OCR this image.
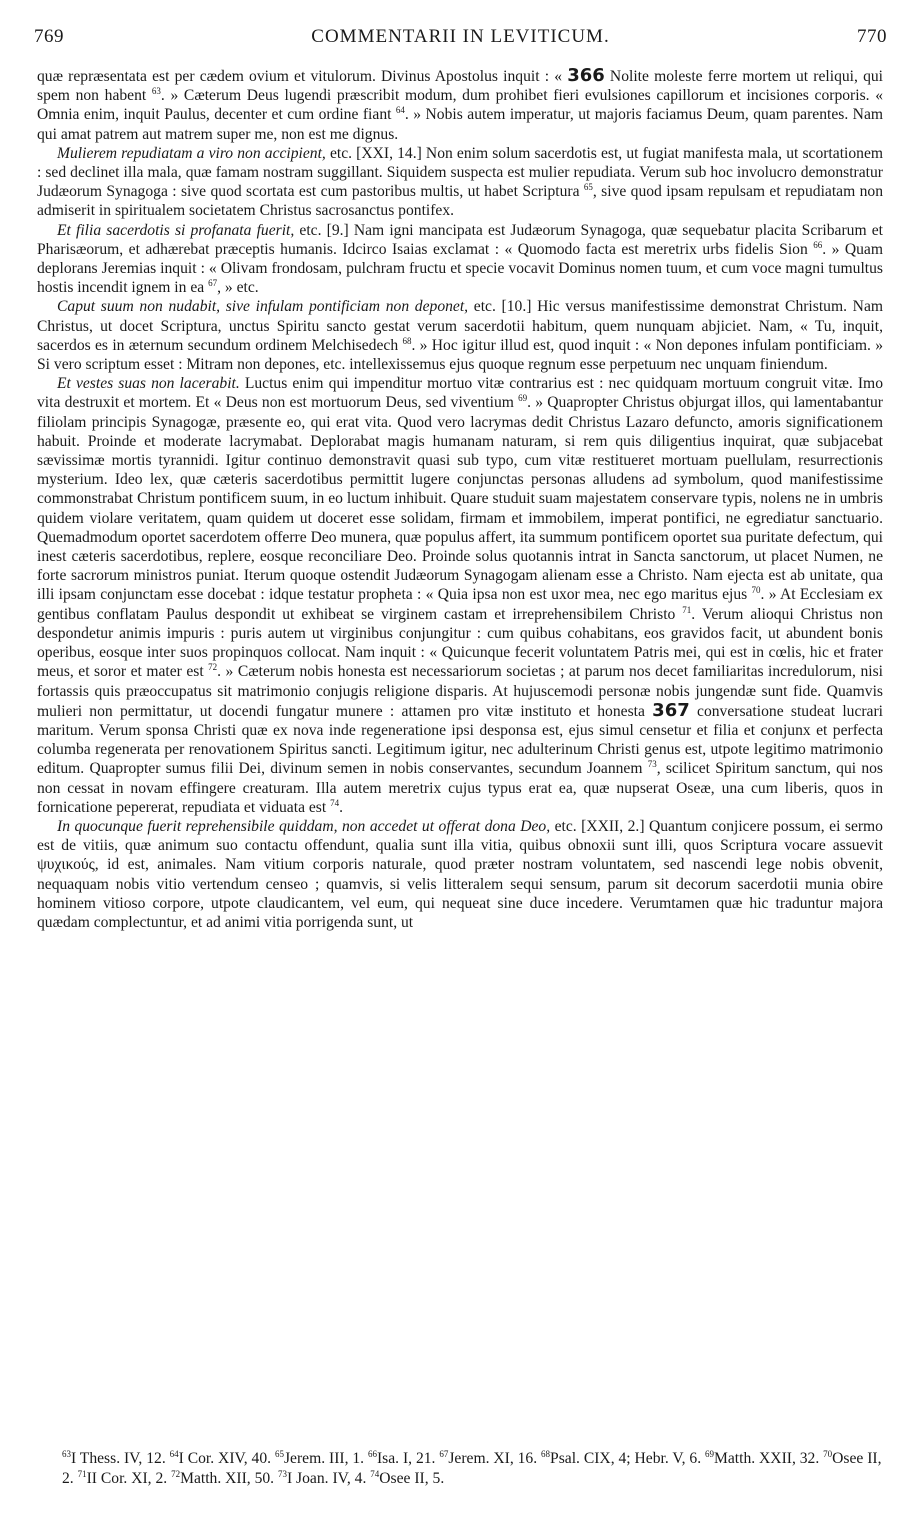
769	COMMENTARII IN LEVITICUM.	770

quæ repræsentata est per cædem ovium et vitulorum. Divinus Apostolus inquit : « 366 Nolite moleste ferre mortem ut reliqui, qui spem non habent $^{63}$. » Cæterum Deus lugendi præscribit modum, dum prohibet fieri evulsiones capillorum et incisiones corporis. « Omnia enim, inquit Paulus, decenter et cum ordine fiant $^{64}$. » Nobis autem imperatur, ut majoris faciamus Deum, quam parentes. Nam qui amat patrem aut matrem super me, non est me dignus.

Mulierem repudiatam a viro non accipient, etc. [XXI, 14.] Non enim solum sacerdotis est, ut fugiat manifesta mala, ut scortationem : sed declinet illa mala, quæ famam nostram suggillant. Siquidem suspecta est mulier repudiata. Verum sub hoc involucro demonstratur Judæorum Synagoga : sive quod scortata est cum pastoribus multis, ut habet Scriptura $^{65}$, sive quod ipsam repulsam et repudiatam non admiserit in spiritualem societatem Christus sacrosanctus pontifex.

Et filia sacerdotis si profanata fuerit, etc. [9.] Nam igni mancipata est Judæorum Synagoga, quæ sequebatur placita Scribarum et Pharisæorum, et adhærebat præceptis humanis. Idcirco Isaias exclamat : « Quomodo facta est meretrix urbs fidelis Sion $^{66}$. » Quam deplorans Jeremias inquit : « Olivam frondosam, pulchram fructu et specie vocavit Dominus nomen tuum, et cum voce magni tumultus hostis incendit ignem in ea $^{67}$, » etc.

Caput suum non nudabit, sive infulam pontificiam non deponet, etc. [10.] Hic versus manifestissime demonstrat Christum. Nam Christus, ut docet Scriptura, unctus Spiritu sancto gestat verum sacerdotii habitum, quem nunquam abjiciet. Nam, « Tu, inquit, sacerdos es in æternum secundum ordinem Melchisedech $^{68}$. » Hoc igitur illud est, quod inquit : « Non depones infulam pontificiam. » Si vero scriptum esset : Mitram non depones, etc. intellexissemus ejus quoque regnum esse perpetuum nec unquam finiendum.

Et vestes suas non lacerabit. Luctus enim qui impenditur mortuo vitæ contrarius est : nec quidquam mortuum congruit vitæ. Imo vita destruxit et mortem. Et « Deus non est mortuorum Deus, sed viventium $^{69}$. » Quapropter Christus objurgat illos, qui lamentabantur filiolam principis Synagogæ, præsente eo, qui erat vita. Quod vero lacrymas dedit Christus Lazaro defuncto, amoris significationem habuit. Proinde et moderate lacrymabat. Deplorabat magis humanam naturam, si rem quis diligentius inquirat, quæ subjacebat sævissimæ mortis tyrannidi. Igitur continuo demonstravit quasi sub typo, cum vitæ restitueret mortuam puellulam, resurrectionis mysterium. Ideo lex, quæ cæteris sacerdotibus permittit lugere conjunctas personas alludens ad symbolum, quod manifestissime commonstrabat Christum pontificem suum, in eo luctum inhibuit. Quare studuit suam majestatem conservare typis, nolens ne in umbris quidem violare veritatem, quam quidem ut doceret esse solidam, firmam et immobilem, imperat pontifici, ne egrediatur sanctuario. Quemadmodum oportet sacerdotem offerre Deo munera, quæ populus affert, ita summum pontificem oportet sua puritate defectum, qui inest cæteris sacerdotibus, replere, eosque reconciliare Deo. Proinde solus quotannis intrat in Sancta sanctorum, ut placet Numen, ne forte sacrorum ministros puniat. Iterum quoque ostendit Judæorum Synagogam alienam esse a Christo. Nam ejecta est ab unitate, qua illi ipsam conjunctam esse docebat : idque testatur propheta : « Quia ipsa non est uxor mea, nec ego maritus ejus $^{70}$. » At Ecclesiam ex gentibus conflatam Paulus despondit ut exhibeat se virginem castam et irreprehensibilem Christo $^{71}$. Verum alioqui Christus non despondetur animis impuris : puris autem ut virginibus conjungitur : cum quibus cohabitans, eos gravidos facit, ut abundent bonis operibus, eosque inter suos propinquos collocat. Nam inquit : « Quicunque fecerit voluntatem Patris mei, qui est in cœlis, hic et frater meus, et soror et mater est $^{72}$. » Cæterum nobis honesta est necessariorum societas ; at parum nos decet familiaritas incredulorum, nisi fortassis quis præoccupatus sit matrimonio conjugis religione disparis. At hujuscemodi personæ nobis jungendæ sunt fide. Quamvis mulieri non permittatur, ut docendi fungatur munere : attamen pro vitæ instituto et honesta 367 conversatione studeat lucrari maritum. Verum sponsa Christi quæ ex nova inde regeneratione ipsi desponsa est, ejus simul censetur et filia et conjunx et perfecta columba regenerata per renovationem Spiritus sancti. Legitimum igitur, nec adulterinum Christi genus est, utpote legitimo matrimonio editum. Quapropter sumus filii Dei, divinum semen in nobis conservantes, secundum Joannem $^{73}$, scilicet Spiritum sanctum, qui nos non cessat in novam effingere creaturam. Illa autem meretrix cujus typus erat ea, quæ nupserat Oseæ, una cum liberis, quos in fornicatione pepererat, repudiata et viduata est $^{74}$.

In quocunque fuerit reprehensibile quiddam, non accedet ut offerat dona Deo, etc. [XXII, 2.] Quantum conjicere possum, ei sermo est de vitiis, quæ animum suo contactu offendunt, qualia sunt illa vitia, quibus obnoxii sunt illi, quos Scriptura vocare assuevit ψυχικούς, id est, animales. Nam vitium corporis naturale, quod præter nostram voluntatem, sed nascendi lege nobis obvenit, nequaquam nobis vitio vertendum censeo ; quamvis, si velis litteralem sequi sensum, parum sit decorum sacerdotii munia obire hominem vitioso corpore, utpote claudicantem, vel eum, qui nequeat sine duce incedere. Verumtamen quæ hic traduntur majora quædam complectuntur, et ad animi vitia porrigenda sunt, ut

$^{63}$I Thess. IV, 12. $^{64}$I Cor. XIV, 40. $^{65}$Jerem. III, 1. $^{66}$Isa. I, 21. $^{67}$Jerem. XI, 16. $^{68}$Psal. CIX, 4; Hebr. V, 6. $^{69}$Matth. XXII, 32. $^{70}$Osee II, 2. $^{71}$II Cor. XI, 2. $^{72}$Matth. XII, 50. $^{73}$I Joan. IV, 4. $^{74}$Osee II, 5.
